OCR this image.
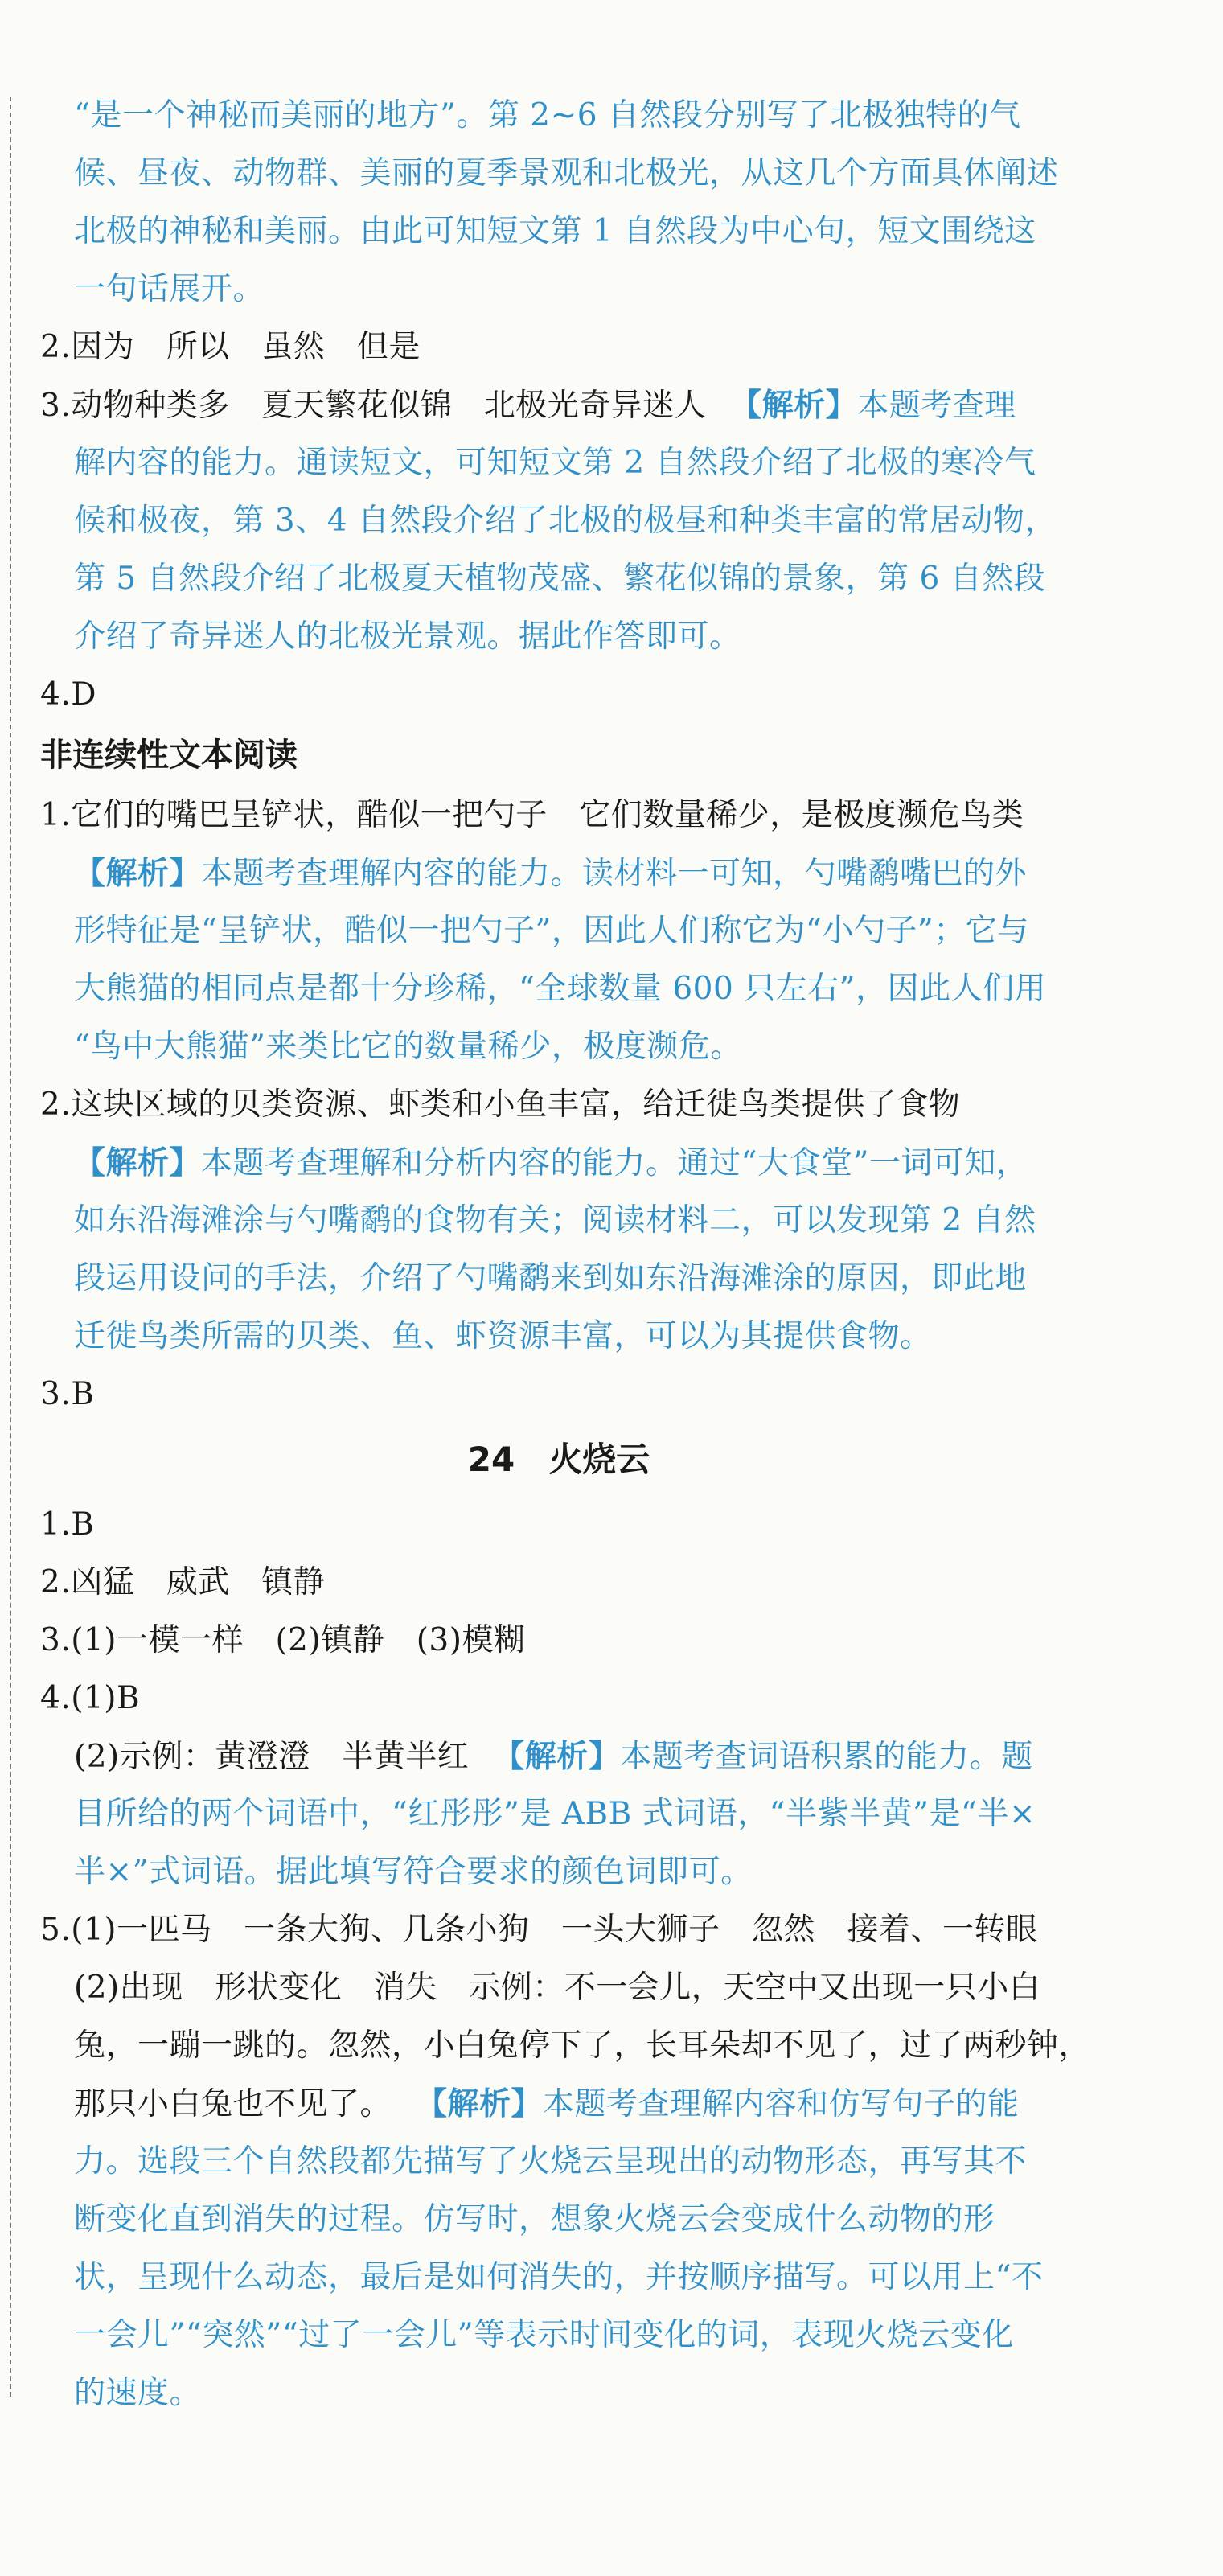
“是一个神秘而美丽的地方”。第 2~6 自然段分别写了北极独特的气
候、昼夜、动物群、美丽的夏季景观和北极光，从这几个方面具体阐述
北极的神秘和美丽。由此可知短文第 1 自然段为中心句，短文围绕这
一句话展开。
2.因为　所以　虽然　但是
3.动物种类多　夏天繁花似锦　北极光奇异迷人 【解析】本题考查理
解内容的能力。通读短文，可知短文第 2 自然段介绍了北极的寒冷气
候和极夜，第 3、4 自然段介绍了北极的极昼和种类丰富的常居动物，
第 5 自然段介绍了北极夏天植物茂盛、繁花似锦的景象，第 6 自然段
介绍了奇异迷人的北极光景观。据此作答即可。
4.D
非连续性文本阅读
1.它们的嘴巴呈铲状，酷似一把勺子　它们数量稀少，是极度濒危鸟类
【解析】本题考查理解内容的能力。读材料一可知，勺嘴鹬嘴巴的外
形特征是“呈铲状，酷似一把勺子”，因此人们称它为“小勺子”；它与
大熊猫的相同点是都十分珍稀，“全球数量 600 只左右”，因此人们用
“鸟中大熊猫”来类比它的数量稀少，极度濒危。
2.这块区域的贝类资源、虾类和小鱼丰富，给迁徙鸟类提供了食物
【解析】本题考查理解和分析内容的能力。通过“大食堂”一词可知，
如东沿海滩涂与勺嘴鹬的食物有关；阅读材料二，可以发现第 2 自然
段运用设问的手法，介绍了勺嘴鹬来到如东沿海滩涂的原因，即此地
迁徙鸟类所需的贝类、鱼、虾资源丰富，可以为其提供食物。
3.B
24　火烧云
1.B
2.凶猛　威武　镇静
3.(1)一模一样　(2)镇静　(3)模糊
4.(1)B
(2)示例：黄澄澄　半黄半红 【解析】本题考查词语积累的能力。题
目所给的两个词语中，“红彤彤”是 ABB 式词语，“半紫半黄”是“半×
半×”式词语。据此填写符合要求的颜色词即可。
5.(1)一匹马　一条大狗、几条小狗　一头大狮子　忽然　接着、一转眼
(2)出现　形状变化　消失　示例：不一会儿，天空中又出现一只小白
兔，一蹦一跳的。忽然，小白兔停下了，长耳朵却不见了，过了两秒钟，
那只小白兔也不见了。 【解析】本题考查理解内容和仿写句子的能
力。选段三个自然段都先描写了火烧云呈现出的动物形态，再写其不
断变化直到消失的过程。仿写时，想象火烧云会变成什么动物的形
状，呈现什么动态，最后是如何消失的，并按顺序描写。可以用上“不
一会儿”“突然”“过了一会儿”等表示时间变化的词，表现火烧云变化
的速度。
